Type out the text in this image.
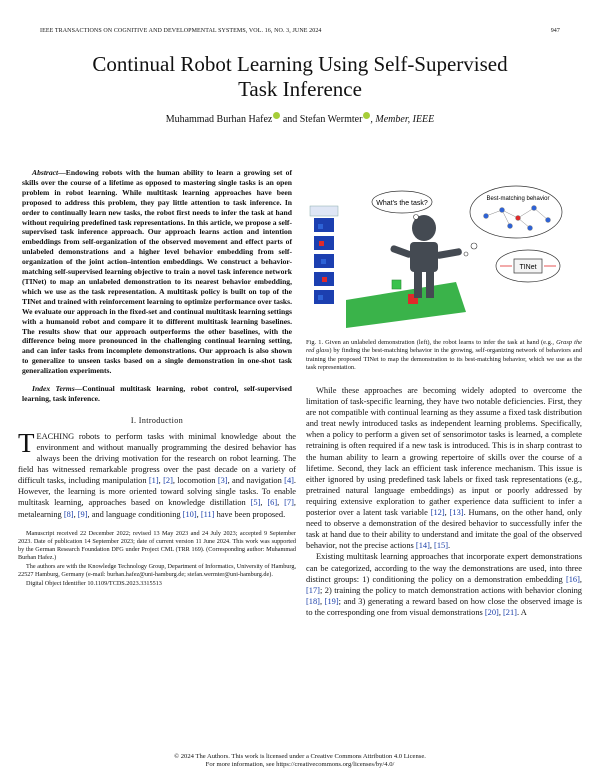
IEEE TRANSACTIONS ON COGNITIVE AND DEVELOPMENTAL SYSTEMS, VOL. 16, NO. 3, JUNE 2024	947
Continual Robot Learning Using Self-Supervised
Task Inference
Muhammad Burhan Hafez and Stefan Wermter , Member, IEEE

Abstract—Endowing robots with the human ability to learn a growing set of skills over the course of a lifetime as opposed to mastering single tasks is an open problem in robot learning. While multitask learning approaches have been proposed to address this problem, they pay little attention to task inference. In order to continually learn new tasks, the robot first needs to infer the task at hand without requiring predefined task representations. In this article, we propose a self-supervised task inference approach. Our approach learns action and intention embeddings from self-organization of the observed movement and effect parts of unlabeled demonstrations and a higher level behavior embedding from self-organization of the joint action–intention embeddings. We construct a behavior-matching self-supervised learning objective to train a novel task inference network (TINet) to map an unlabeled demonstration to its nearest behavior embedding, which we use as the task representation. A multitask policy is built on top of the TINet and trained with reinforcement learning to optimize performance over tasks. We evaluate our approach in the fixed-set and continual multitask learning settings with a humanoid robot and compare it to different multitask learning baselines. The results show that our approach outperforms the other baselines, with the difference being more pronounced in the challenging continual learning setting, and can infer tasks from incomplete demonstrations. Our approach is also shown to generalize to unseen tasks based on a single demonstration in one-shot task generalization experiments.

Index Terms—Continual multitask learning, robot control, self-supervised learning, task inference.

I. Introduction

TEACHING robots to perform tasks with minimal knowledge about the environment and without manually programming the desired behavior has always been the driving motivation for the research on robot learning. The field has witnessed remarkable progress over the past decade on a variety of difficult tasks, including manipulation [1], [2], locomotion [3], and navigation [4]. However, the learning is more oriented toward solving single tasks. To enable multitask learning, approaches based on knowledge distillation [5], [6], [7], metalearning [8], [9], and language conditioning [10], [11] have been proposed.

Manuscript received 22 December 2022; revised 13 May 2023 and 24 July 2023; accepted 9 September 2023. Date of publication 14 September 2023; date of current version 11 June 2024. This work was supported by the German Research Foundation DFG under Project CML (TRR 169). (Corresponding author: Muhammad Burhan Hafez.)

The authors are with the Knowledge Technology Group, Department of Informatics, University of Hamburg, 22527 Hamburg, Germany (e-mail: burhan.hafez@uni-hamburg.de; stefan.wermter@uni-hamburg.de).

Digital Object Identifier 10.1109/TCDS.2023.3315513

What's the task?
Best-matching behavior
TINet

Fig. 1. Given an unlabeled demonstration (left), the robot learns to infer the task at hand (e.g., Grasp the red glass) by finding the best-matching behavior in the growing, self-organizing network of behaviors and training the proposed TINet to map the demonstration to its best-matching behavior, which we use as the task representation.

While these approaches are becoming widely adopted to overcome the limitation of task-specific learning, they have two notable deficiencies. First, they are not compatible with continual learning as they assume a fixed task distribution and treat newly introduced tasks as independent learning problems. Specifically, when a policy to perform a given set of sensorimotor tasks is learned, a complete retraining is often required if a new task is introduced. This is in sharp contrast to the human ability to learn a growing repertoire of skills over the course of a lifetime. Second, they lack an efficient task inference mechanism. This issue is either ignored by using predefined task labels or fixed task representations (e.g., pretrained natural language embeddings) as input or poorly addressed by requiring extensive exploration to gather experience data sufficient to infer a posterior over a latent task variable [12], [13]. Humans, on the other hand, only need to observe a demonstration of the desired behavior to successfully infer the task at hand due to their ability to understand and imitate the goal of the observed behavior, not the precise actions [14], [15].

Existing multitask learning approaches that incorporate expert demonstrations can be categorized, according to the way the demonstrations are used, into three distinct groups: 1) conditioning the policy on a demonstration embedding [16], [17]; 2) training the policy to match demonstration actions with behavior cloning [18], [19]; and 3) generating a reward based on how close the observed image is to the corresponding one from visual demonstrations [20], [21]. A

© 2024 The Authors. This work is licensed under a Creative Commons Attribution 4.0 License.
For more information, see https://creativecommons.org/licenses/by/4.0/
